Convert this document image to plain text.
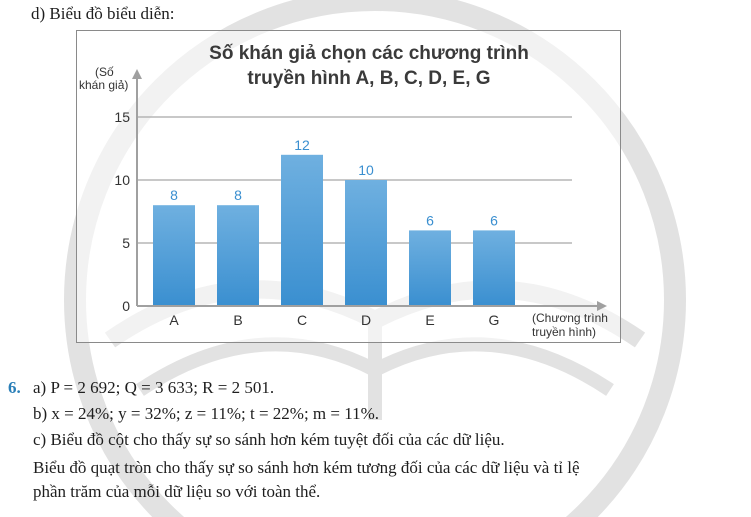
d) Biểu đồ biểu diễn:
Số khán giả chọn các chương trình
truyền hình A, B, C, D, E, G
(Số
khán giả)
(Chương trình
truyền hình)
8	8
12
10
6	6
0
5
10
15
A	B	C	D	E	G
6. a) P = 2 692; Q = 3 633; R = 2 501.
b) x = 24%; y = 32%; z = 11%; t = 22%; m = 11%.
c) Biểu đồ cột cho thấy sự so sánh hơn kém tuyệt đối của các dữ liệu.
Biểu đồ quạt tròn cho thấy sự so sánh hơn kém tương đối của các dữ liệu và tỉ lệ
phần trăm của mỗi dữ liệu so với toàn thể.
